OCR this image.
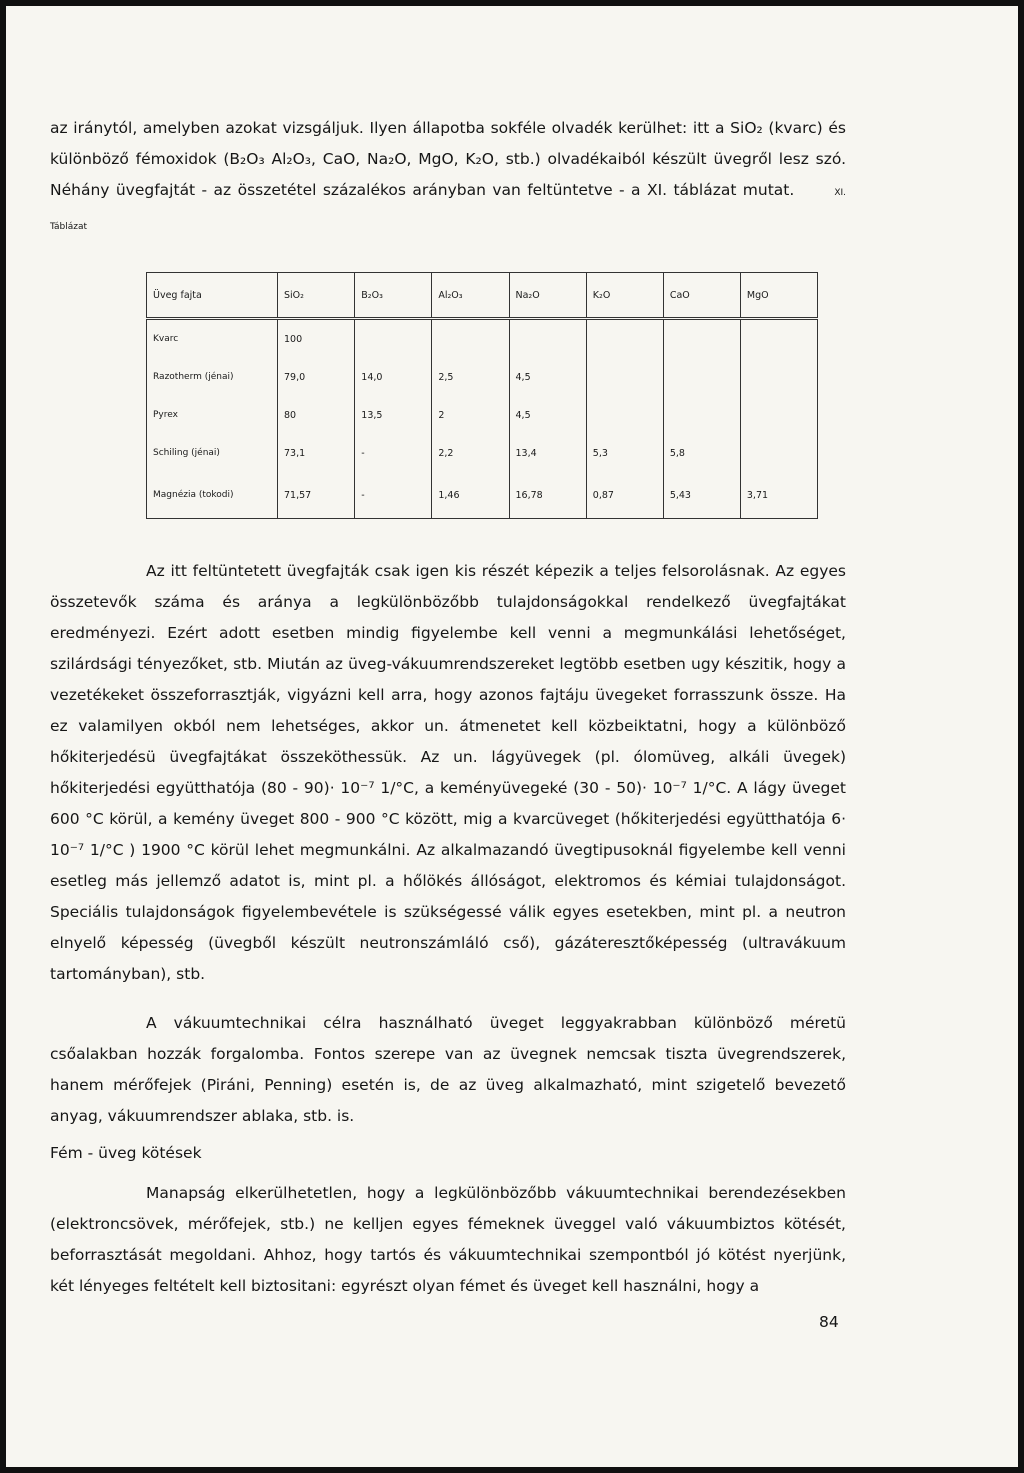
az iránytól, amelyben azokat vizsgáljuk. Ilyen állapotba sokféle olvadék kerülhet: itt a SiO₂ (kvarc) és különböző fémoxidok (B₂O₃ Al₂O₃, CaO, Na₂O, MgO, K₂O, stb.) olvadékaiból készült üvegről lesz szó. Néhány üvegfajtát - az összetétel százalékos arányban van feltüntetve - a XI. táblázat mutat.	XI. Táblázat

Üveg fajta	SiO₂	B₂O₃	Al₂O₃	Na₂O	K₂O	CaO	MgO
Kvarc	100						
Razotherm (jénai)	79,0	14,0	2,5	4,5			
Pyrex	80	13,5	2	4,5			
Schiling (jénai)	73,1	-	2,2	13,4	5,3	5,8	
Magnézia (tokodi)	71,57	-	1,46	16,78	0,87	5,43	3,71

Az itt feltüntetett üvegfajták csak igen kis részét képezik a teljes felsorolásnak. Az egyes összetevők száma és aránya a legkülönbözőbb tulajdonságokkal rendelkező üvegfajtákat eredményezi. Ezért adott esetben mindig figyelembe kell venni a megmunkálási lehetőséget, szilárdsági tényezőket, stb. Miután az üveg-vákuumrendszereket legtöbb esetben ugy készitik, hogy a vezetékeket összeforrasztják, vigyázni kell arra, hogy azonos fajtáju üvegeket forrasszunk össze. Ha ez valamilyen okból nem lehetséges, akkor un. átmenetet kell közbeiktatni, hogy a különböző hőkiterjedésü üvegfajtákat összeköthessük. Az un. lágyüvegek (pl. ólomüveg, alkáli üvegek) hőkiterjedési együtthatója (80 - 90)· 10⁻⁷ 1/°C, a keményüvegeké (30 - 50)· 10⁻⁷ 1/°C. A lágy üveget 600 °C körül, a kemény üveget 800 - 900 °C között, mig a kvarcüveget (hőkiterjedési együtthatója 6· 10⁻⁷ 1/°C ) 1900 °C körül lehet megmunkálni. Az alkalmazandó üvegtipusoknál figyelembe kell venni esetleg más jellemző adatot is, mint pl. a hőlökés állóságot, elektromos és kémiai tulajdonságot. Speciális tulajdonságok figyelembevétele is szükségessé válik egyes esetekben, mint pl. a neutron elnyelő képesség (üvegből készült neutronszámláló cső), gázáteresztőképesség (ultravákuum tartományban), stb.

A vákuumtechnikai célra használható üveget leggyakrabban különböző méretü csőalakban hozzák forgalomba. Fontos szerepe van az üvegnek nemcsak tiszta üvegrendszerek, hanem mérőfejek (Piráni, Penning) esetén is, de az üveg alkalmazható, mint szigetelő bevezető anyag, vákuumrendszer ablaka, stb. is.

Fém - üveg kötések

Manapság elkerülhetetlen, hogy a legkülönbözőbb vákuumtechnikai berendezésekben (elektroncsövek, mérőfejek, stb.) ne kelljen egyes fémeknek üveggel való vákuumbiztos kötését, beforrasztását megoldani. Ahhoz, hogy tartós és vákuumtechnikai szempontból jó kötést nyerjünk, két lényeges feltételt kell biztositani: egyrészt olyan fémet és üveget kell használni, hogy a

84
